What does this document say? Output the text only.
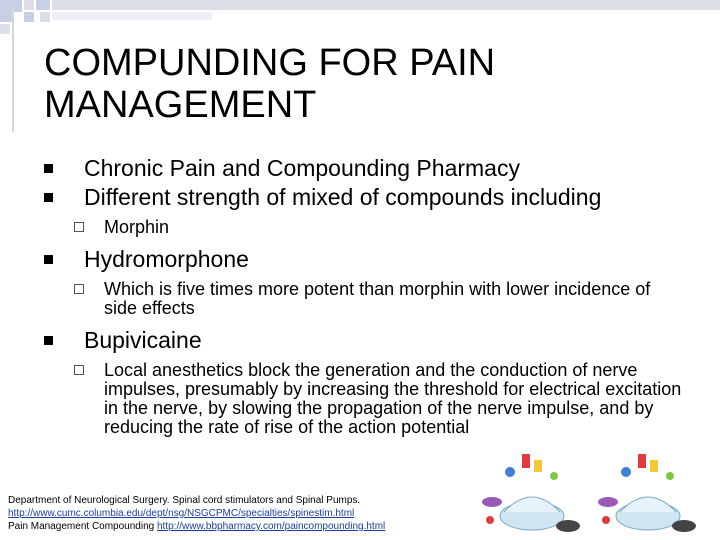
COMPUNDING FOR PAIN
MANAGEMENT
Chronic Pain and Compounding Pharmacy
Different strength of mixed of compounds including
Morphin
Hydromorphone
Which is five times more potent than morphin with lower incidence of side effects
Bupivicaine
Local anesthetics block the generation and the conduction of nerve impulses, presumably by increasing the threshold for electrical excitation in the nerve, by slowing the propagation of the nerve impulse, and by reducing the rate of rise of the action potential
Department of Neurological Surgery. Spinal cord stimulators and Spinal Pumps.
http://www.cumc.columbia.edu/dept/nsg/NSGCPMC/specialties/spinestim.html
Pain Management Compounding http://www.bbpharmacy.com/paincompounding.html
